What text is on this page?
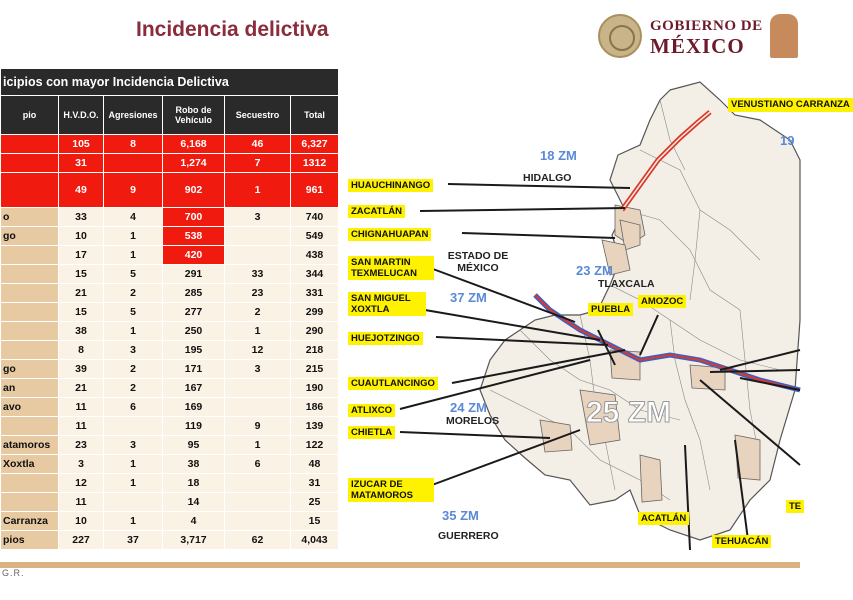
Incidencia delictiva	GOBIERNO DE
MÉXICO
icipios con mayor Incidencia Delictiva					
pio	H.V.D.O.	Agresiones	Robo de Vehículo	Secuestro	Total
	105	8	6,168	46	6,327
	31		1,274	7	1312
	49	9	902	1	961
o	33	4	700	3	740
go	10	1	538		549
	17	1	420		438
	15	5	291	33	344
	21	2	285	23	331
	15	5	277	2	299
	38	1	250	1	290
	8	3	195	12	218
go	39	2	171	3	215
an	21	2	167		190
avo	11	6	169		186
	11		119	9	139
atamoros	23	3	95	1	122
Xoxtla	3	1	38	6	48
	12	1	18		31
	11		14		25
Carranza	10	1	4		15
pios	227	37	3,717	62	4,043
VENUSTIANO CARRANZA
HUAUCHINANGO
ZACATLÁN
CHIGNAHUAPAN
SAN MARTIN TEXMELUCAN
SAN MIGUEL XOXTLA
HUEJOTZINGO
CUAUTLANCINGO
ATLIXCO
CHIETLA
IZUCAR DE MATAMOROS
PUEBLA
AMOZOC
ACATLÁN
TEHUACÁN
TE
HIDALGO
ESTADO DE MÉXICO
TLAXCALA
MORELOS
GUERRERO
18 ZM
19
23 ZM
37 ZM
24 ZM	25 ZM
35 ZM
G.R.
